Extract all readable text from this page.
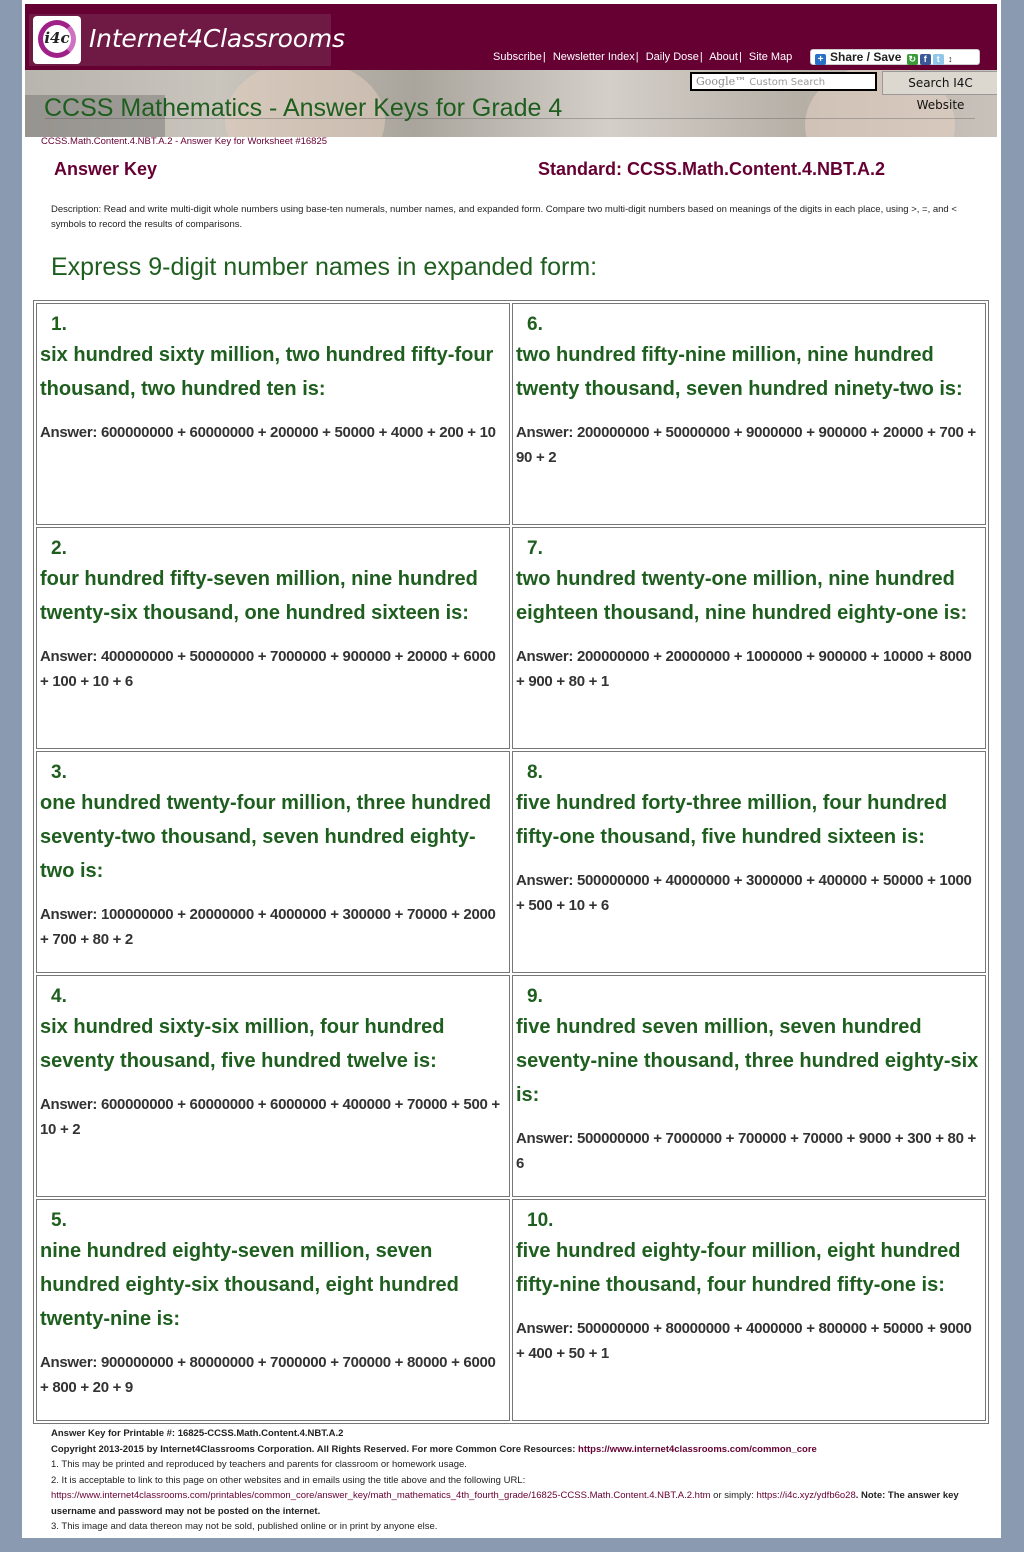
i4c Internet4Classrooms
Subscribe| Newsletter Index| Daily Dose| About| Site Map	+ Share / Save ↻ f t ↕
Google™ Custom Search	Search I4C Website
CCSS Mathematics - Answer Keys for Grade 4
CCSS.Math.Content.4.NBT.A.2 - Answer Key for Worksheet #16825
Answer Key	Standard: CCSS.Math.Content.4.NBT.A.2
Description: Read and write multi-digit whole numbers using base-ten numerals, number names, and expanded form. Compare two multi-digit numbers based on meanings of the digits in each place, using >, =, and < symbols to record the results of comparisons.
Express 9-digit number names in expanded form:
1.
six hundred sixty million, two hundred fifty-four thousand, two hundred ten is:
Answer: 600000000 + 60000000 + 200000 + 50000 + 4000 + 200 + 10
6.
two hundred fifty-nine million, nine hundred twenty thousand, seven hundred ninety-two is:
Answer: 200000000 + 50000000 + 9000000 + 900000 + 20000 + 700 + 90 + 2
2.
four hundred fifty-seven million, nine hundred twenty-six thousand, one hundred sixteen is:
Answer: 400000000 + 50000000 + 7000000 + 900000 + 20000 + 6000 + 100 + 10 + 6
7.
two hundred twenty-one million, nine hundred eighteen thousand, nine hundred eighty-one is:
Answer: 200000000 + 20000000 + 1000000 + 900000 + 10000 + 8000 + 900 + 80 + 1
3.
one hundred twenty-four million, three hundred seventy-two thousand, seven hundred eighty-two is:
Answer: 100000000 + 20000000 + 4000000 + 300000 + 70000 + 2000 + 700 + 80 + 2
8.
five hundred forty-three million, four hundred fifty-one thousand, five hundred sixteen is:
Answer: 500000000 + 40000000 + 3000000 + 400000 + 50000 + 1000 + 500 + 10 + 6
4.
six hundred sixty-six million, four hundred seventy thousand, five hundred twelve is:
Answer: 600000000 + 60000000 + 6000000 + 400000 + 70000 + 500 + 10 + 2
9.
five hundred seven million, seven hundred seventy-nine thousand, three hundred eighty-six is:
Answer: 500000000 + 7000000 + 700000 + 70000 + 9000 + 300 + 80 + 6
5.
nine hundred eighty-seven million, seven hundred eighty-six thousand, eight hundred twenty-nine is:
Answer: 900000000 + 80000000 + 7000000 + 700000 + 80000 + 6000 + 800 + 20 + 9
10.
five hundred eighty-four million, eight hundred fifty-nine thousand, four hundred fifty-one is:
Answer: 500000000 + 80000000 + 4000000 + 800000 + 50000 + 9000 + 400 + 50 + 1
Answer Key for Printable #: 16825-CCSS.Math.Content.4.NBT.A.2
Copyright 2013-2015 by Internet4Classrooms Corporation. All Rights Reserved. For more Common Core Resources: https://www.internet4classrooms.com/common_core
1. This may be printed and reproduced by teachers and parents for classroom or homework usage.
2. It is acceptable to link to this page on other websites and in emails using the title above and the following URL:
https://www.internet4classrooms.com/printables/common_core/answer_key/math_mathematics_4th_fourth_grade/16825-CCSS.Math.Content.4.NBT.A.2.htm or simply: https://i4c.xyz/ydfb6o28. Note: The answer key username and password may not be posted on the internet.
3. This image and data thereon may not be sold, published online or in print by anyone else.
